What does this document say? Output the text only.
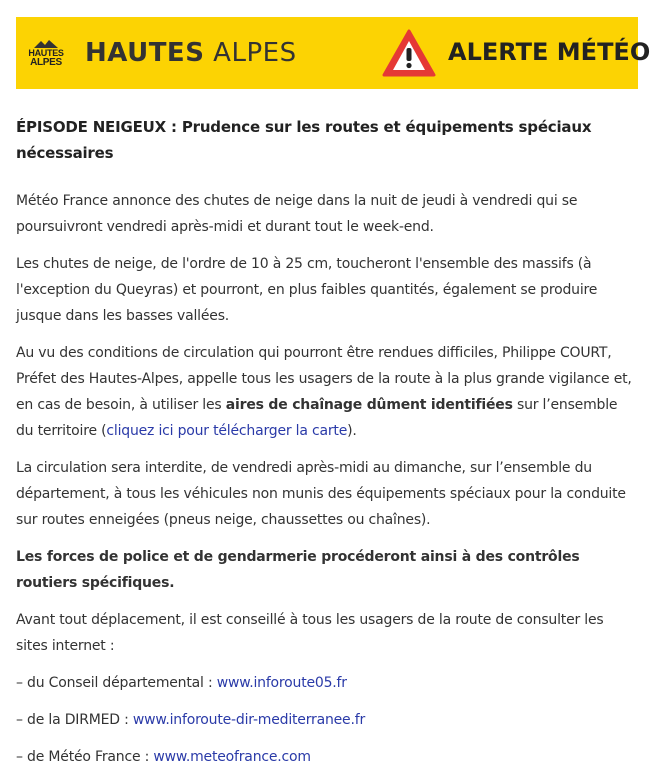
HAUTES
ALPES HAUTES ALPES	ALERTE MÉTÉO
ÉPISODE NEIGEUX : Prudence sur les routes et équipements spéciaux nécessaires

Météo France annonce des chutes de neige dans la nuit de jeudi à vendredi qui se poursuivront vendredi après-midi et durant tout le week-end.

Les chutes de neige, de l'ordre de 10 à 25 cm, toucheront l'ensemble des massifs (à l'exception du Queyras) et pourront, en plus faibles quantités, également se produire jusque dans les basses vallées.

Au vu des conditions de circulation qui pourront être rendues difficiles, Philippe COURT, Préfet des Hautes-Alpes, appelle tous les usagers de la route à la plus grande vigilance et, en cas de besoin, à utiliser les aires de chaînage dûment identifiées sur l’ensemble du territoire (cliquez ici pour télécharger la carte).

La circulation sera interdite, de vendredi après-midi au dimanche, sur l’ensemble du département, à tous les véhicules non munis des équipements spéciaux pour la conduite sur routes enneigées (pneus neige, chaussettes ou chaînes).

Les forces de police et de gendarmerie procéderont ainsi à des contrôles routiers spécifiques.

Avant tout déplacement, il est conseillé à tous les usagers de la route de consulter les sites internet :

– du Conseil départemental : www.inforoute05.fr

– de la DIRMED : www.inforoute-dir-mediterranee.fr

– de Météo France : www.meteofrance.com
